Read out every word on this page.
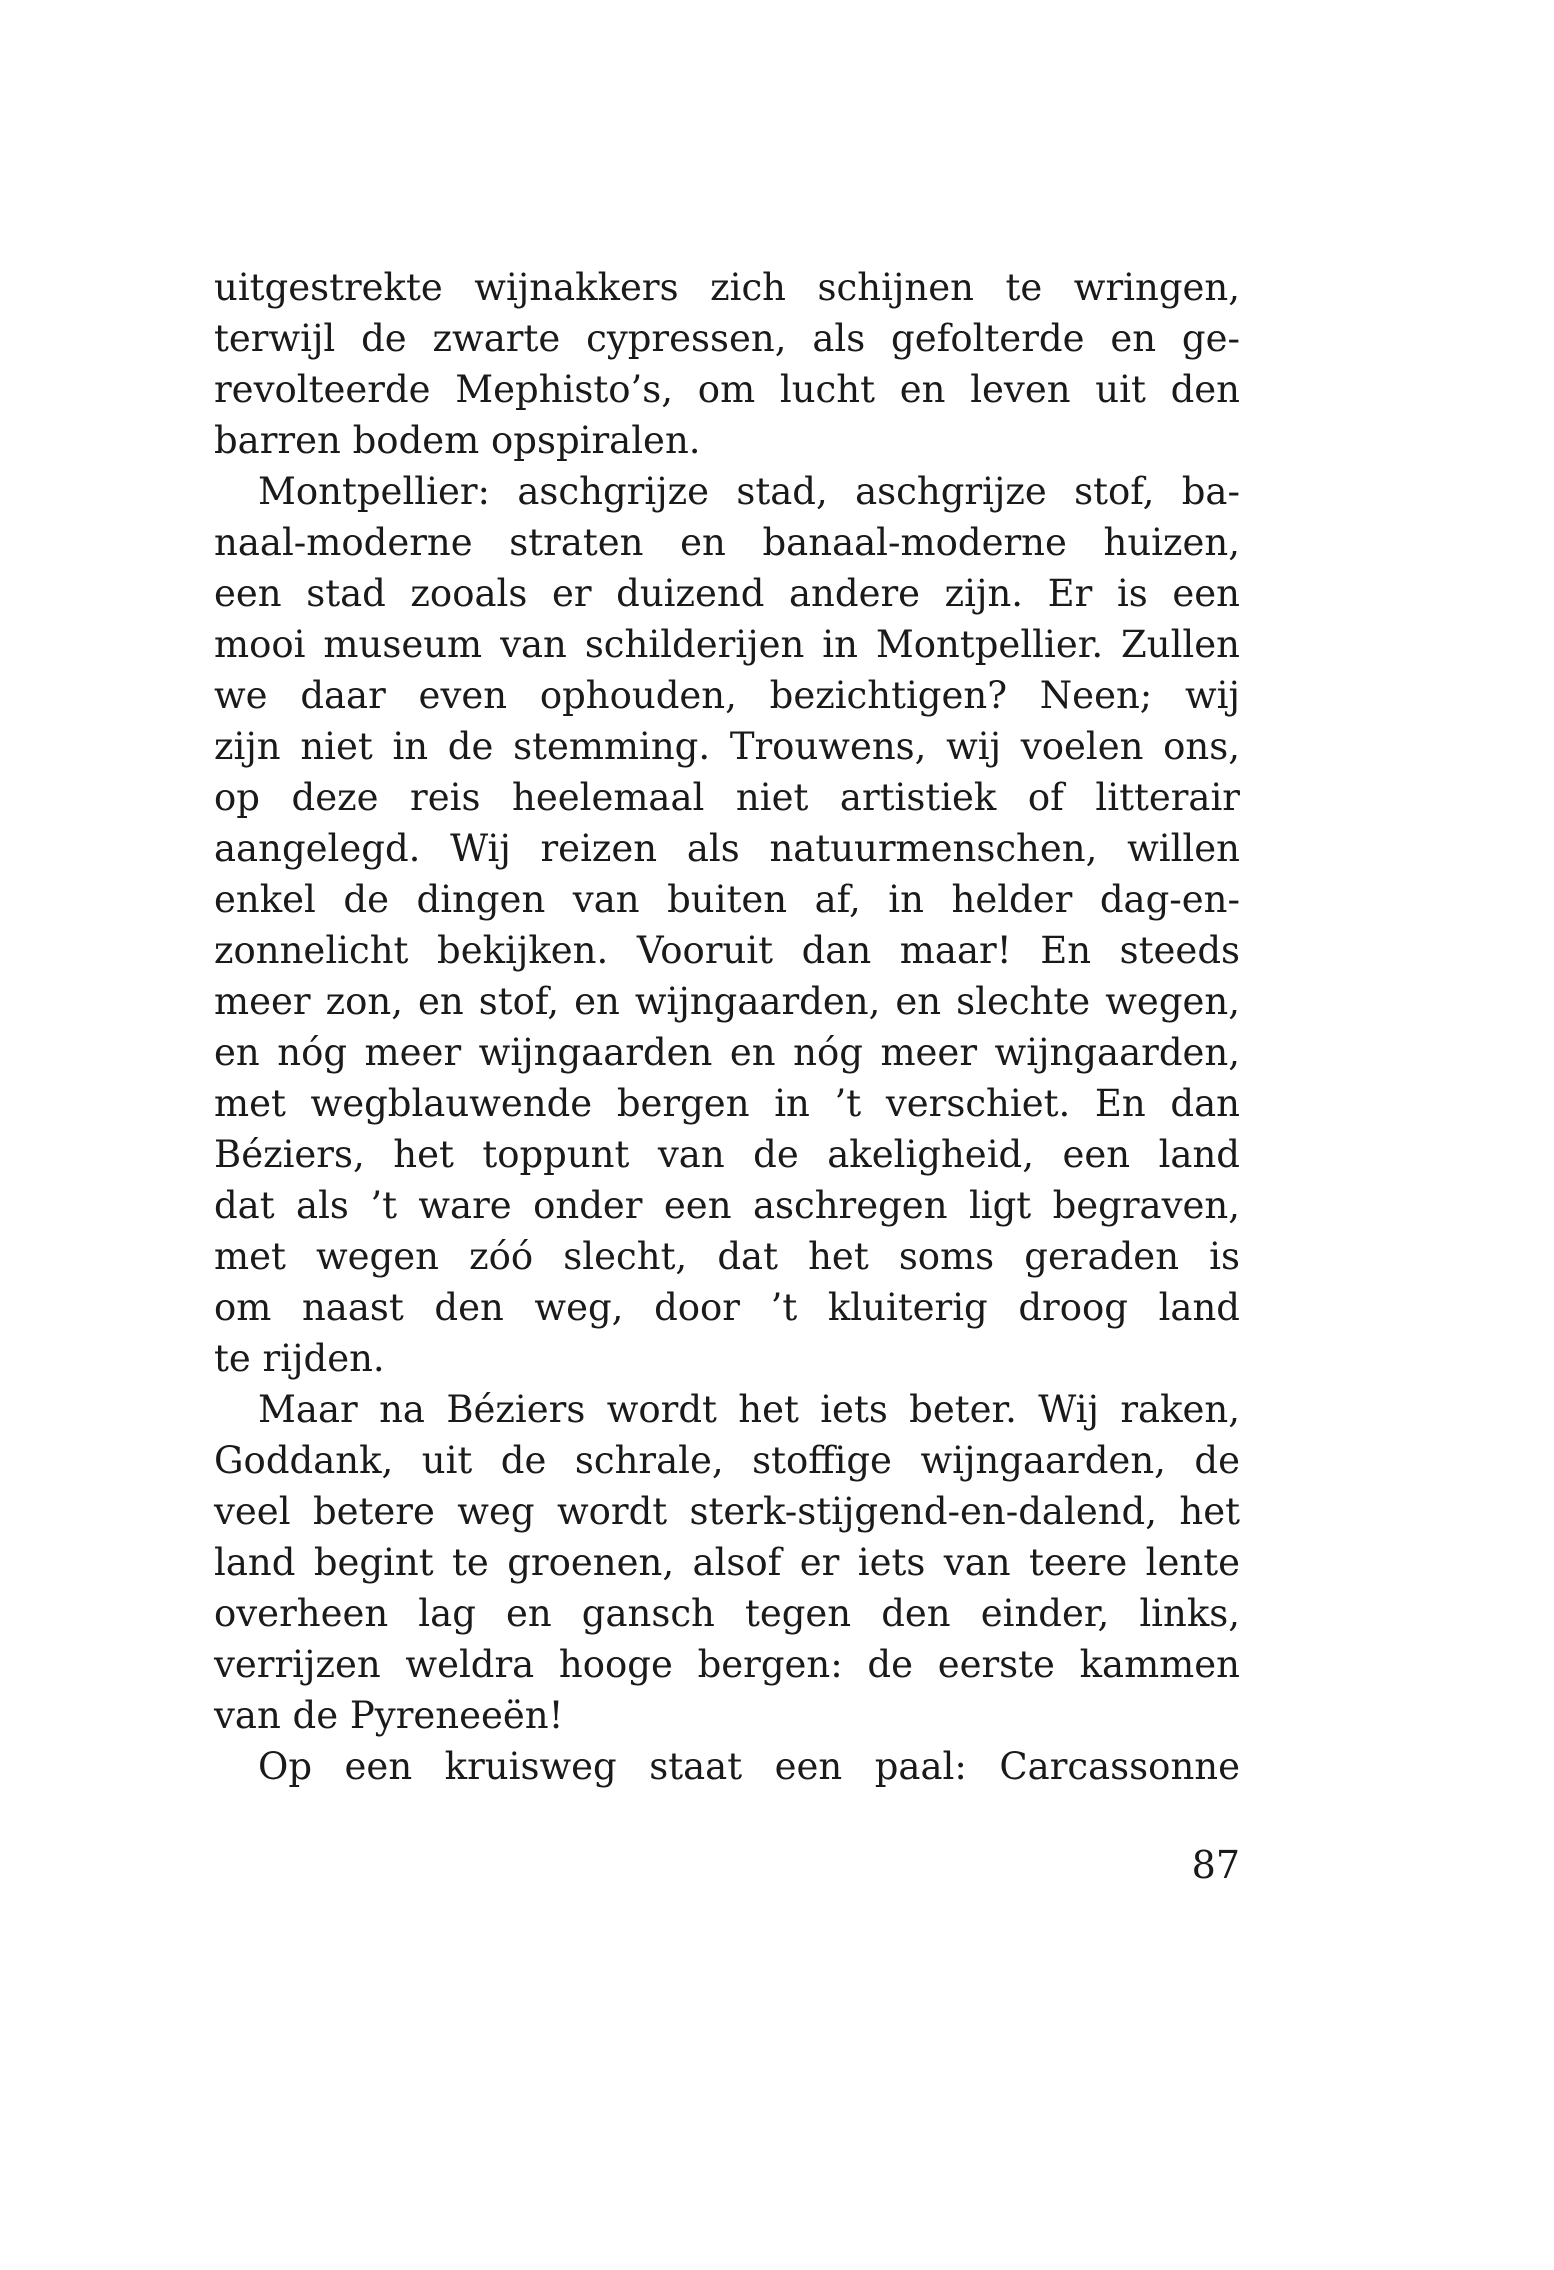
uitgestrekte wijnakkers zich schijnen te wringen,
terwijl de zwarte cypressen, als gefolterde en ge-
revolteerde Mephisto’s, om lucht en leven uit den
barren bodem opspiralen.
Montpellier: aschgrijze stad, aschgrijze stof, ba-
naal-moderne straten en banaal-moderne huizen,
een stad zooals er duizend andere zijn. Er is een
mooi museum van schilderijen in Montpellier. Zullen
we daar even ophouden, bezichtigen? Neen; wij
zijn niet in de stemming. Trouwens, wij voelen ons,
op deze reis heelemaal niet artistiek of litterair
aangelegd. Wij reizen als natuurmenschen, willen
enkel de dingen van buiten af, in helder dag-en-
zonnelicht bekijken. Vooruit dan maar! En steeds
meer zon, en stof, en wijngaarden, en slechte wegen,
en nóg meer wijngaarden en nóg meer wijngaarden,
met wegblauwende bergen in ’t verschiet. En dan
Béziers, het toppunt van de akeligheid, een land
dat als ’t ware onder een aschregen ligt begraven,
met wegen zóó slecht, dat het soms geraden is
om naast den weg, door ’t kluiterig droog land
te rijden.
Maar na Béziers wordt het iets beter. Wij raken,
Goddank, uit de schrale, stoffige wijngaarden, de
veel betere weg wordt sterk-stijgend-en-dalend, het
land begint te groenen, alsof er iets van teere lente
overheen lag en gansch tegen den einder, links,
verrijzen weldra hooge bergen: de eerste kammen
van de Pyreneeën!
Op een kruisweg staat een paal: Carcassonne
87
